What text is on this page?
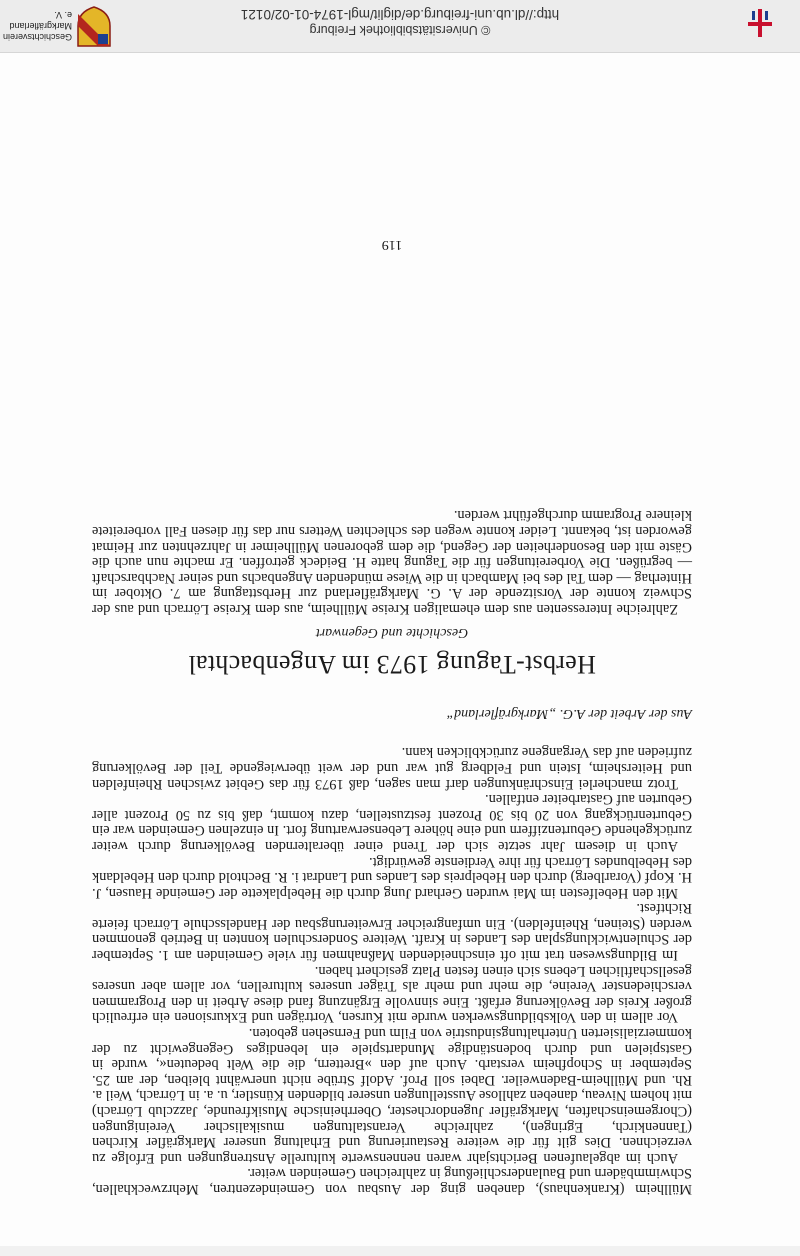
Müllheim (Krankenhaus), daneben ging der Ausbau von Gemeindezentren, Mehrzweckhallen, Schwimmbädern und Baulanderschließung in zahlreichen Gemeinden weiter.

Auch im abgelaufenen Berichtsjahr waren nennenswerte kulturelle Anstrengungen und Erfolge zu verzeichnen. Dies gilt für die weitere Restaurierung und Erhaltung unserer Markgräfler Kirchen (Tannenkirch, Egringen), zahlreiche Veranstaltungen musikalischer Vereinigungen (Chorgemeinschaften, Markgräfler Jugendorchester, Oberrheinische Musikfreunde, Jazzclub Lörrach) mit hohem Niveau, daneben zahllose Ausstellungen unserer bildenden Künstler, u. a. in Lörrach, Weil a. Rh. und Müllheim-Badenweiler. Dabei soll Prof. Adolf Strübe nicht unerwähnt bleiben, der am 25. September in Schopfheim verstarb. Auch auf den »Brettern, die die Welt bedeuten«, wurde in Gastspielen und durch bodenständige Mundartspiele ein lebendiges Gegengewicht zu der kommerzialisierten Unterhaltungsindustrie von Film und Fernsehen geboten.

Vor allem in den Volksbildungswerken wurde mit Kursen, Vorträgen und Exkursionen ein erfreulich großer Kreis der Bevölkerung erfaßt. Eine sinnvolle Ergänzung fand diese Arbeit in den Programmen verschiedenster Vereine, die mehr und mehr als Träger unseres kulturellen, vor allem aber unseres gesellschaftlichen Lebens sich einen festen Platz gesichert haben.

Im Bildungswesen trat mit oft einschneidenden Maßnahmen für viele Gemeinden am 1. September der Schulentwicklungsplan des Landes in Kraft. Weitere Sonderschulen konnten in Betrieb genommen werden (Steinen, Rheinfelden). Ein umfangreicher Erweiterungsbau der Handelsschule Lörrach feierte Richtfest.

Mit den Hebelfesten im Mai wurden Gerhard Jung durch die Hebelplakette der Gemeinde Hausen, J. H. Kopf (Vorarlberg) durch den Hebelpreis des Landes und Landrat i. R. Bechtold durch den Hebeldank des Hebelbundes Lörrach für ihre Verdienste gewürdigt.

Auch in diesem Jahr setzte sich der Trend einer überalternden Bevölkerung durch weiter zurückgehende Geburtenziffern und eine höhere Lebenserwartung fort. In einzelnen Gemeinden war ein Geburtenrückgang von 20 bis 30 Prozent festzustellen, dazu kommt, daß bis zu 50 Prozent aller Geburten auf Gastarbeiter entfallen.

Trotz mancherlei Einschränkungen darf man sagen, daß 1973 für das Gebiet zwischen Rheinfelden und Heitersheim, Istein und Feldberg gut war und der weit überwiegende Teil der Bevölkerung zufrieden auf das Vergangene zurückblicken kann.

Aus der Arbeit der A.G. „Markgräflerland“
Herbst-Tagung 1973 im Angenbachtal
Geschichte und Gegenwart

Zahlreiche Interessenten aus dem ehemaligen Kreise Müllheim, aus dem Kreise Lörrach und aus der Schweiz konnte der Vorsitzende der A. G. Markgräflerland zur Herbsttagung am 7. Oktober im Hinterhag — dem Tal des bei Mambach in die Wiese mündenden Angenbachs und seiner Nachbarschaft — begrüßen. Die Vorbereitungen für die Tagung hatte H. Beideck getroffen. Er machte nun auch die Gäste mit den Besonderheiten der Gegend, die dem geborenen Müllheimer in Jahrzehnten zur Heimat geworden ist, bekannt. Leider konnte wegen des schlechten Wetters nur das für diesen Fall vorbereitete kleinere Programm durchgeführt werden.

119
© Universitätsbibliothek Freiburg
http://dl.ub.uni-freiburg.de/diglit/mgl-1974-01-02/0121
Geschichtsverein
Markgräflerland e. V.
